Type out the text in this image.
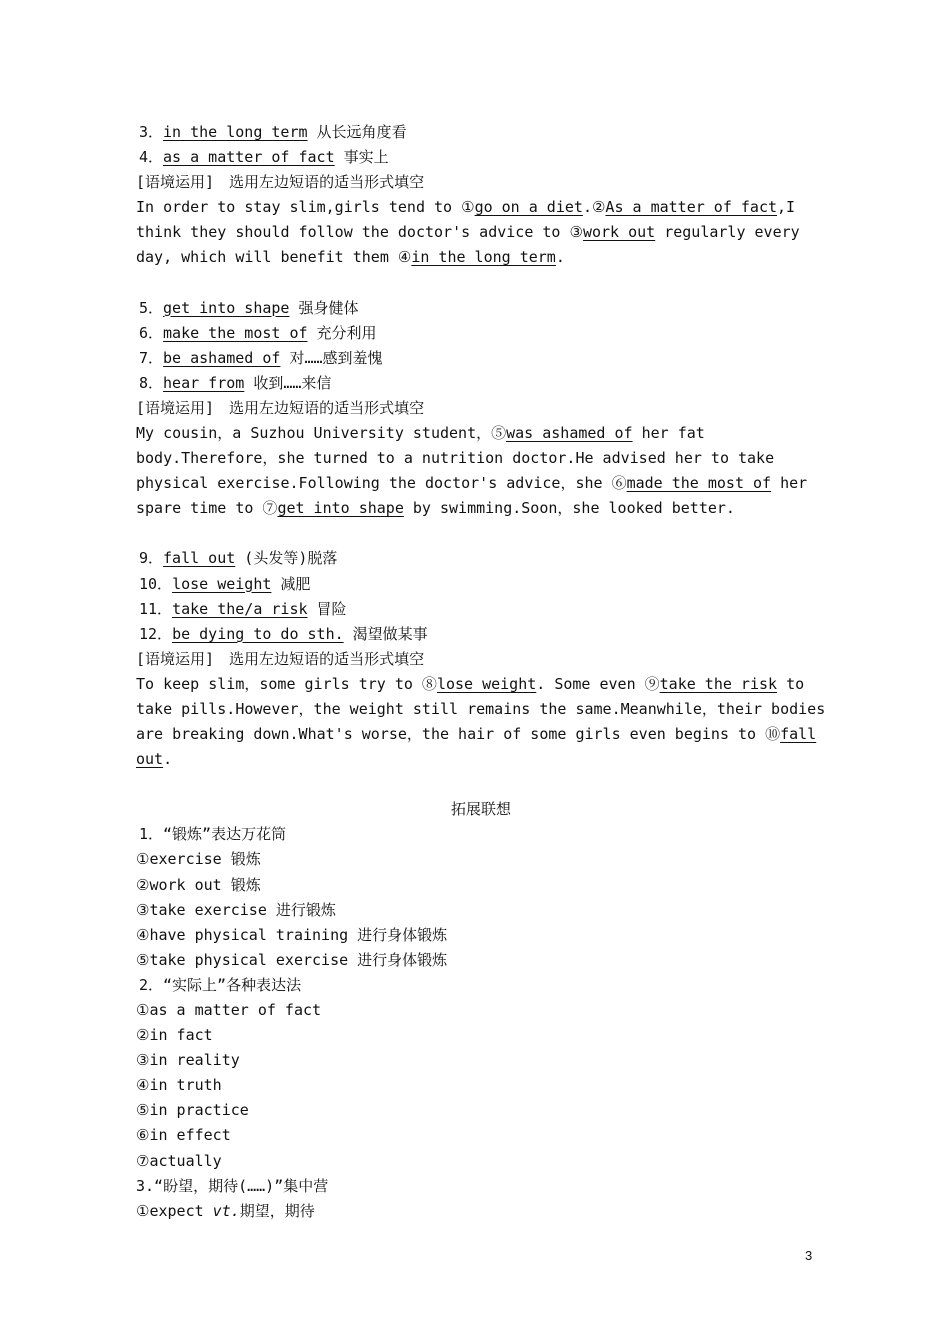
3．in the long term 从长远角度看
4．as a matter of fact 事实上
[语境运用]　选用左边短语的适当形式填空
In order to stay slim,girls tend to ①go on a diet.②As a matter of fact,I think they should follow the doctor's advice to ③work out regularly every day, which will benefit them ④in the long term.
5．get into shape 强身健体
6．make the most of 充分利用
7．be ashamed of 对……感到羞愧
8．hear from 收到……来信
[语境运用]　选用左边短语的适当形式填空
My cousin，a Suzhou University student，⑤was ashamed of her fat
body.Therefore，she turned to a nutrition doctor.He advised her to take physical exercise.Following the doctor's advice，she ⑥made the most of her spare time to ⑦get into shape by swimming.Soon，she looked better.
9．fall out (头发等)脱落
10．lose weight 减肥
11．take the/a risk 冒险
12．be dying to do sth. 渴望做某事
[语境运用]　选用左边短语的适当形式填空
To keep slim，some girls try to ⑧lose weight. Some even ⑨take the risk to take pills.However，the weight still remains the same.Meanwhile，their bodies are breaking down.What's worse，the hair of some girls even begins to ⑩fall out.
拓展联想
1．“锻炼”表达万花筒
①exercise 锻炼
②work out 锻炼
③take exercise 进行锻炼
④have physical training 进行身体锻炼
⑤take physical exercise 进行身体锻炼
2．“实际上”各种表达法
①as a matter of fact
②in fact
③in reality
④in truth
⑤in practice
⑥in effect
⑦actually
3.“盼望，期待(……)”集中营
①expect vt.期望，期待
3
